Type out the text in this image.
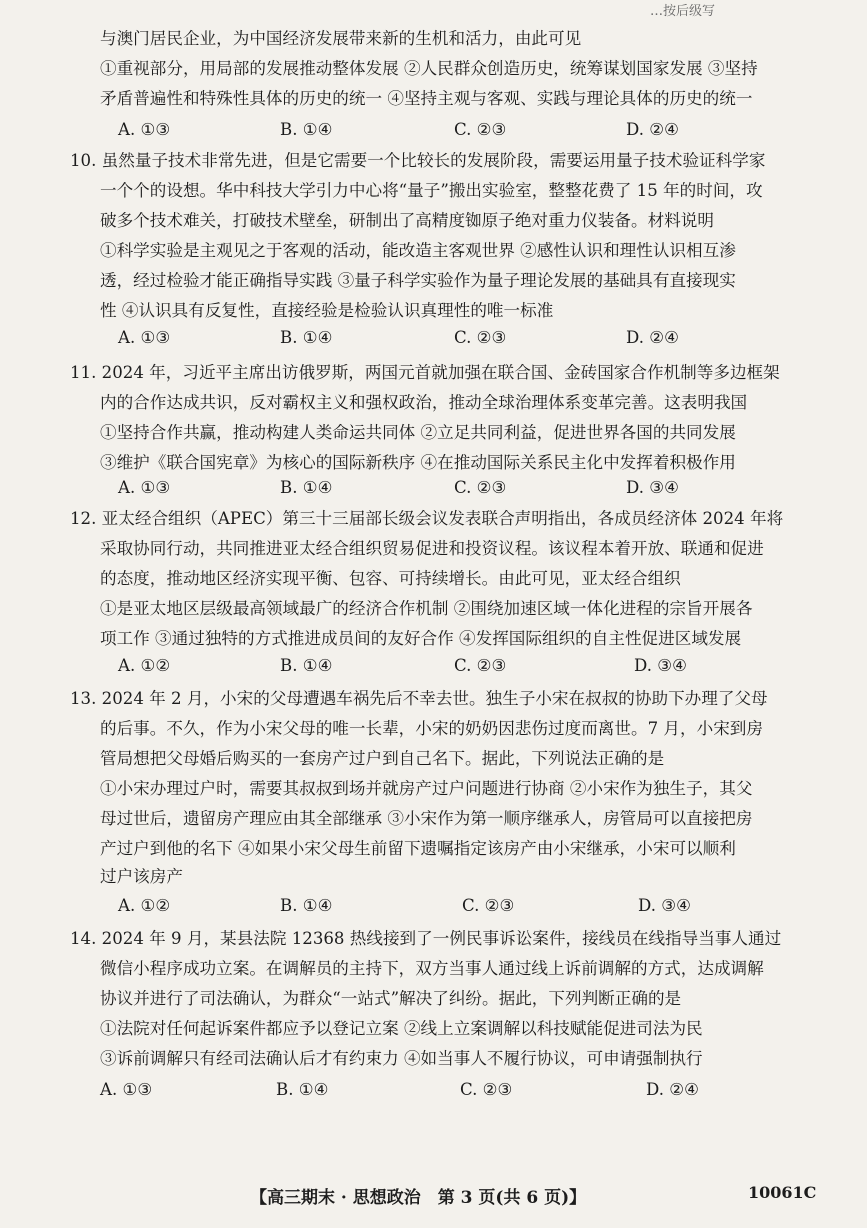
…按后级写
与澳门居民企业，为中国经济发展带来新的生机和活力，由此可见
①重视部分，用局部的发展推动整体发展 ②人民群众创造历史，统筹谋划国家发展 ③坚持
矛盾普遍性和特殊性具体的历史的统一 ④坚持主观与客观、实践与理论具体的历史的统一
A. ①③	B. ①④	C. ②③	D. ②④
10. 虽然量子技术非常先进，但是它需要一个比较长的发展阶段，需要运用量子技术验证科学家
一个个的设想。华中科技大学引力中心将“量子”搬出实验室，整整花费了 15 年的时间，攻
破多个技术难关，打破技术壁垒，研制出了高精度铷原子绝对重力仪装备。材料说明
①科学实验是主观见之于客观的活动，能改造主客观世界 ②感性认识和理性认识相互渗
透，经过检验才能正确指导实践 ③量子科学实验作为量子理论发展的基础具有直接现实
性 ④认识具有反复性，直接经验是检验认识真理性的唯一标准
A. ①③	B. ①④	C. ②③	D. ②④
11. 2024 年，习近平主席出访俄罗斯，两国元首就加强在联合国、金砖国家合作机制等多边框架
内的合作达成共识，反对霸权主义和强权政治，推动全球治理体系变革完善。这表明我国
①坚持合作共赢，推动构建人类命运共同体 ②立足共同利益，促进世界各国的共同发展
③维护《联合国宪章》为核心的国际新秩序 ④在推动国际关系民主化中发挥着积极作用
A. ①③	B. ①④	C. ②③	D. ③④
12. 亚太经合组织（APEC）第三十三届部长级会议发表联合声明指出，各成员经济体 2024 年将
采取协同行动，共同推进亚太经合组织贸易促进和投资议程。该议程本着开放、联通和促进
的态度，推动地区经济实现平衡、包容、可持续增长。由此可见，亚太经合组织
①是亚太地区层级最高领域最广的经济合作机制 ②围绕加速区域一体化进程的宗旨开展各
项工作 ③通过独特的方式推进成员间的友好合作 ④发挥国际组织的自主性促进区域发展
A. ①②	B. ①④	C. ②③	D. ③④
13. 2024 年 2 月，小宋的父母遭遇车祸先后不幸去世。独生子小宋在叔叔的协助下办理了父母
的后事。不久，作为小宋父母的唯一长辈，小宋的奶奶因悲伤过度而离世。7 月，小宋到房
管局想把父母婚后购买的一套房产过户到自己名下。据此，下列说法正确的是
①小宋办理过户时，需要其叔叔到场并就房产过户问题进行协商 ②小宋作为独生子，其父
母过世后，遗留房产理应由其全部继承 ③小宋作为第一顺序继承人，房管局可以直接把房
产过户到他的名下 ④如果小宋父母生前留下遗嘱指定该房产由小宋继承，小宋可以顺利
过户该房产
A. ①②	B. ①④	C. ②③	D. ③④
14. 2024 年 9 月，某县法院 12368 热线接到了一例民事诉讼案件，接线员在线指导当事人通过
微信小程序成功立案。在调解员的主持下，双方当事人通过线上诉前调解的方式，达成调解
协议并进行了司法确认，为群众“一站式”解决了纠纷。据此，下列判断正确的是
①法院对任何起诉案件都应予以登记立案 ②线上立案调解以科技赋能促进司法为民
③诉前调解只有经司法确认后才有约束力 ④如当事人不履行协议，可申请强制执行
A. ①③	B. ①④	C. ②③	D. ②④
【高三期末 · 思想政治　第 3 页(共 6 页)】	10061C
